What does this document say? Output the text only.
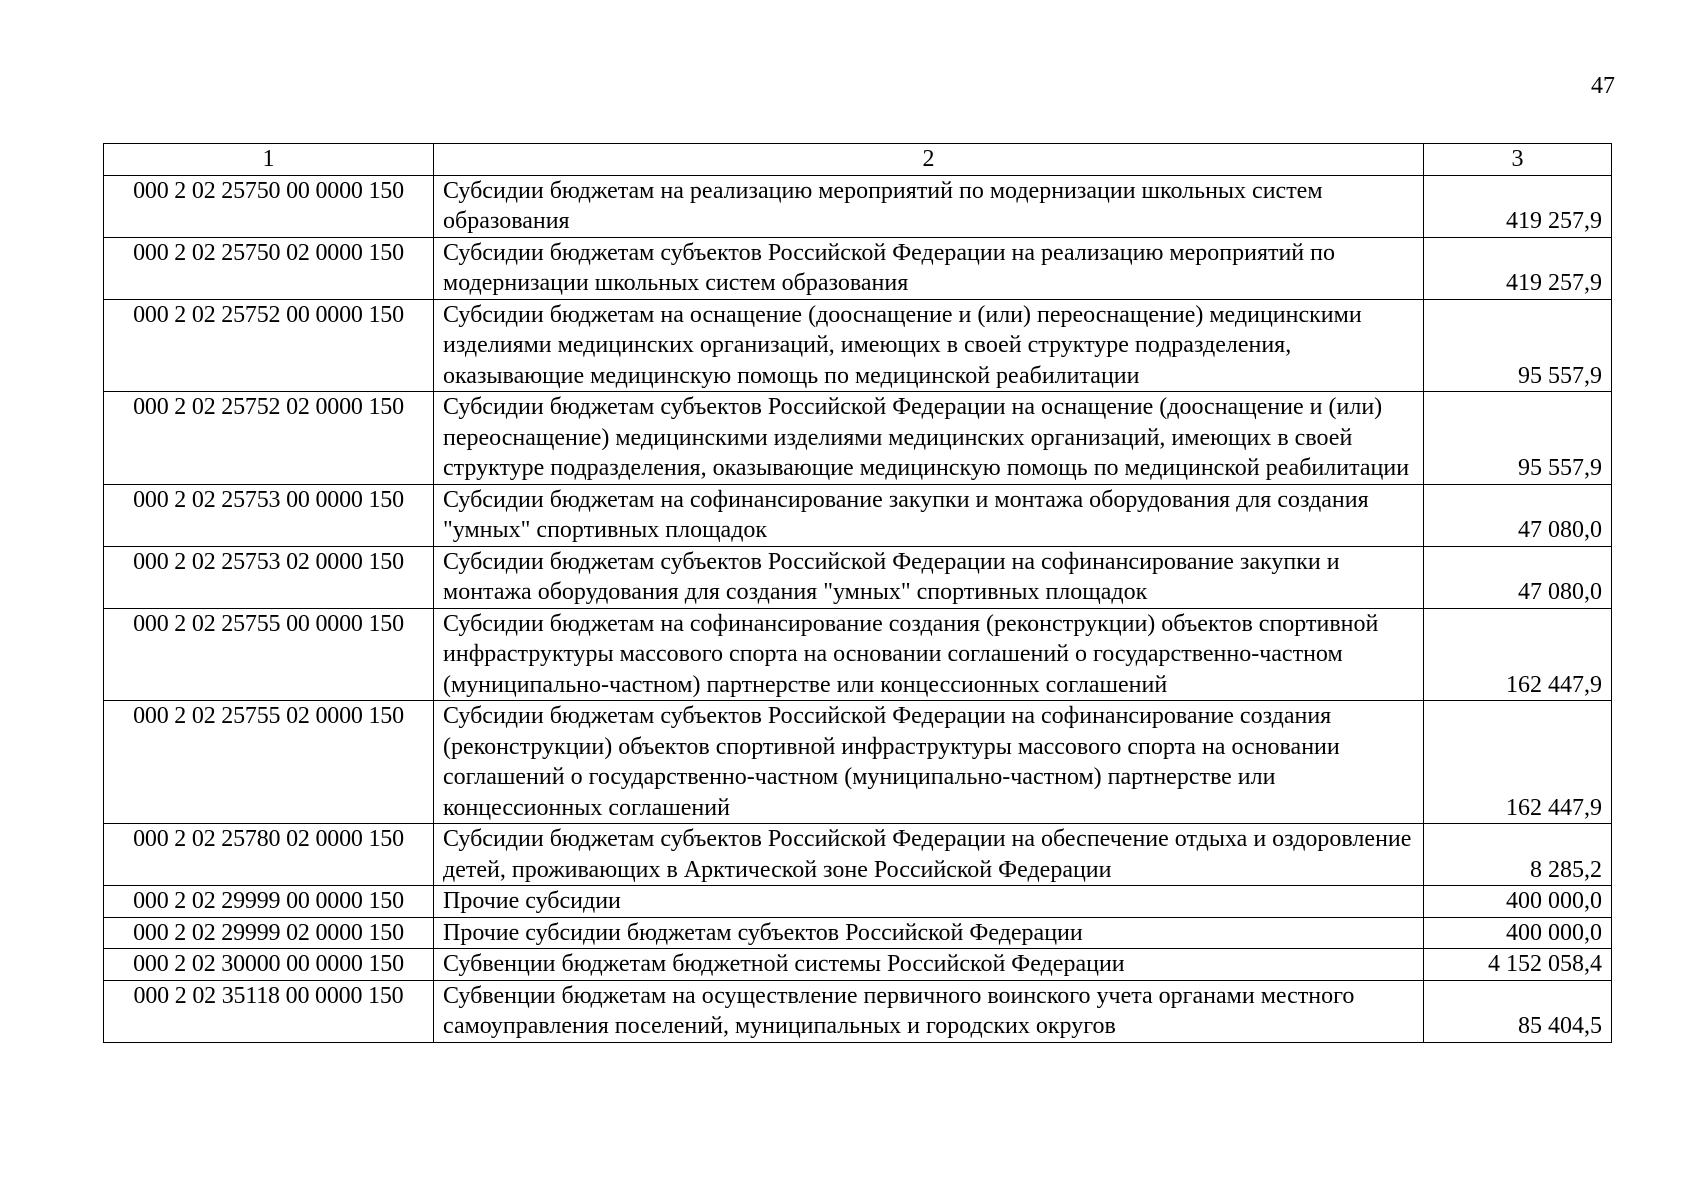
47
1	2	3
000 2 02 25750 00 0000 150	Субсидии бюджетам на реализацию мероприятий по модернизации школьных систем образования	419 257,9
000 2 02 25750 02 0000 150	Субсидии бюджетам субъектов Российской Федерации на реализацию мероприятий по модернизации школьных систем образования	419 257,9
000 2 02 25752 00 0000 150	Субсидии бюджетам на оснащение (дооснащение и (или) переоснащение) медицинскими изделиями медицинских организаций, имеющих в своей структуре подразделения, оказывающие медицинскую помощь по медицинской реабилитации	95 557,9
000 2 02 25752 02 0000 150	Субсидии бюджетам субъектов Российской Федерации на оснащение (дооснащение и (или) переоснащение) медицинскими изделиями медицинских организаций, имеющих в своей структуре подразделения, оказывающие медицинскую помощь по медицинской реабилитации	95 557,9
000 2 02 25753 00 0000 150	Субсидии бюджетам на софинансирование закупки и монтажа оборудования для создания "умных" спортивных площадок	47 080,0
000 2 02 25753 02 0000 150	Субсидии бюджетам субъектов Российской Федерации на софинансирование закупки и монтажа оборудования для создания "умных" спортивных площадок	47 080,0
000 2 02 25755 00 0000 150	Субсидии бюджетам на софинансирование создания (реконструкции) объектов спортивной инфраструктуры массового спорта на основании соглашений о государственно-частном (муниципально-частном) партнерстве или концессионных соглашений	162 447,9
000 2 02 25755 02 0000 150	Субсидии бюджетам субъектов Российской Федерации на софинансирование создания (реконструкции) объектов спортивной инфраструктуры массового спорта на основании соглашений о государственно-частном (муниципально-частном) партнерстве или концессионных соглашений	162 447,9
000 2 02 25780 02 0000 150	Субсидии бюджетам субъектов Российской Федерации на обеспечение отдыха и оздоровление детей, проживающих в Арктической зоне Российской Федерации	8 285,2
000 2 02 29999 00 0000 150	Прочие субсидии	400 000,0
000 2 02 29999 02 0000 150	Прочие субсидии бюджетам субъектов Российской Федерации	400 000,0
000 2 02 30000 00 0000 150	Субвенции бюджетам бюджетной системы Российской Федерации	4 152 058,4
000 2 02 35118 00 0000 150	Субвенции бюджетам на осуществление первичного воинского учета органами местного самоуправления поселений, муниципальных и городских округов	85 404,5
